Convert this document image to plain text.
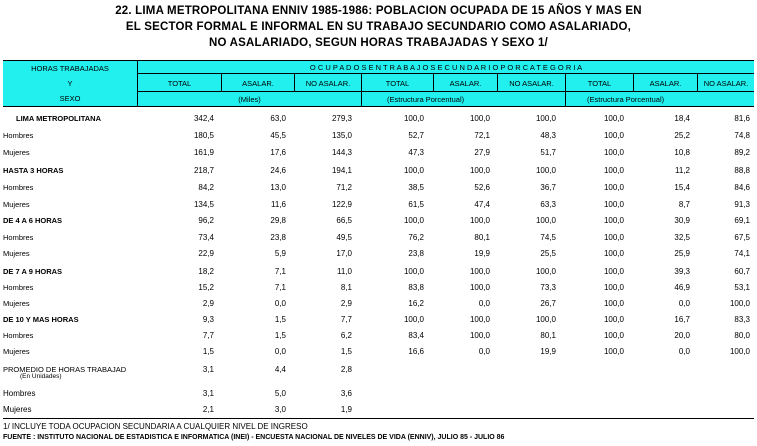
22. LIMA METROPOLITANA ENNIV 1985-1986: POBLACION OCUPADA DE 15 AÑOS Y MAS EN
EL SECTOR FORMAL E INFORMAL EN SU TRABAJO SECUNDARIO COMO ASALARIADO,
NO ASALARIADO, SEGUN HORAS TRABAJADAS Y SEXO 1/
HORAS TRABAJADAS
Y
SEXO
O C U P A D O S E N T R A B A J O S E C U N D A R I O P O R C A T E G O R I A
TOTAL	ASALAR.	NO ASALAR.	TOTAL	ASALAR.	NO ASALAR.	TOTAL	ASALAR.	NO ASALAR.
(Miles)	(Estructura Porcentual)	(Estructura Porcentual)
LIMA METROPOLITANA	342,4	63,0	279,3	100,0	100,0	100,0	100,0	18,4	81,6
Hombres	180,5	45,5	135,0	52,7	72,1	48,3	100,0	25,2	74,8
Mujeres	161,9	17,6	144,3	47,3	27,9	51,7	100,0	10,8	89,2
HASTA 3 HORAS	218,7	24,6	194,1	100,0	100,0	100,0	100,0	11,2	88,8
Hombres	84,2	13,0	71,2	38,5	52,6	36,7	100,0	15,4	84,6
Mujeres	134,5	11,6	122,9	61,5	47,4	63,3	100,0	8,7	91,3
DE 4 A 6 HORAS	96,2	29,8	66,5	100,0	100,0	100,0	100,0	30,9	69,1
Hombres	73,4	23,8	49,5	76,2	80,1	74,5	100,0	32,5	67,5
Mujeres	22,9	5,9	17,0	23,8	19,9	25,5	100,0	25,9	74,1
DE 7 A 9 HORAS	18,2	7,1	11,0	100,0	100,0	100,0	100,0	39,3	60,7
Hombres	15,2	7,1	8,1	83,8	100,0	73,3	100,0	46,9	53,1
Mujeres	2,9	0,0	2,9	16,2	0,0	26,7	100,0	0,0	100,0
DE 10 Y MAS HORAS	9,3	1,5	7,7	100,0	100,0	100,0	100,0	16,7	83,3
Hombres	7,7	1,5	6,2	83,4	100,0	80,1	100,0	20,0	80,0
Mujeres	1,5	0,0	1,5	16,6	0,0	19,9	100,0	0,0	100,0
PROMEDIO DE HORAS TRABAJAD	3,1	4,4	2,8
(En Unidades)
Hombres	3,1	5,0	3,6
Mujeres	2,1	3,0	1,9
1/ INCLUYE TODA OCUPACION SECUNDARIA A CUALQUIER NIVEL DE INGRESO
FUENTE : INSTITUTO NACIONAL DE ESTADISTICA E INFORMATICA (INEI) - ENCUESTA NACIONAL DE NIVELES DE VIDA (ENNIV), JULIO 85 - JULIO 86
